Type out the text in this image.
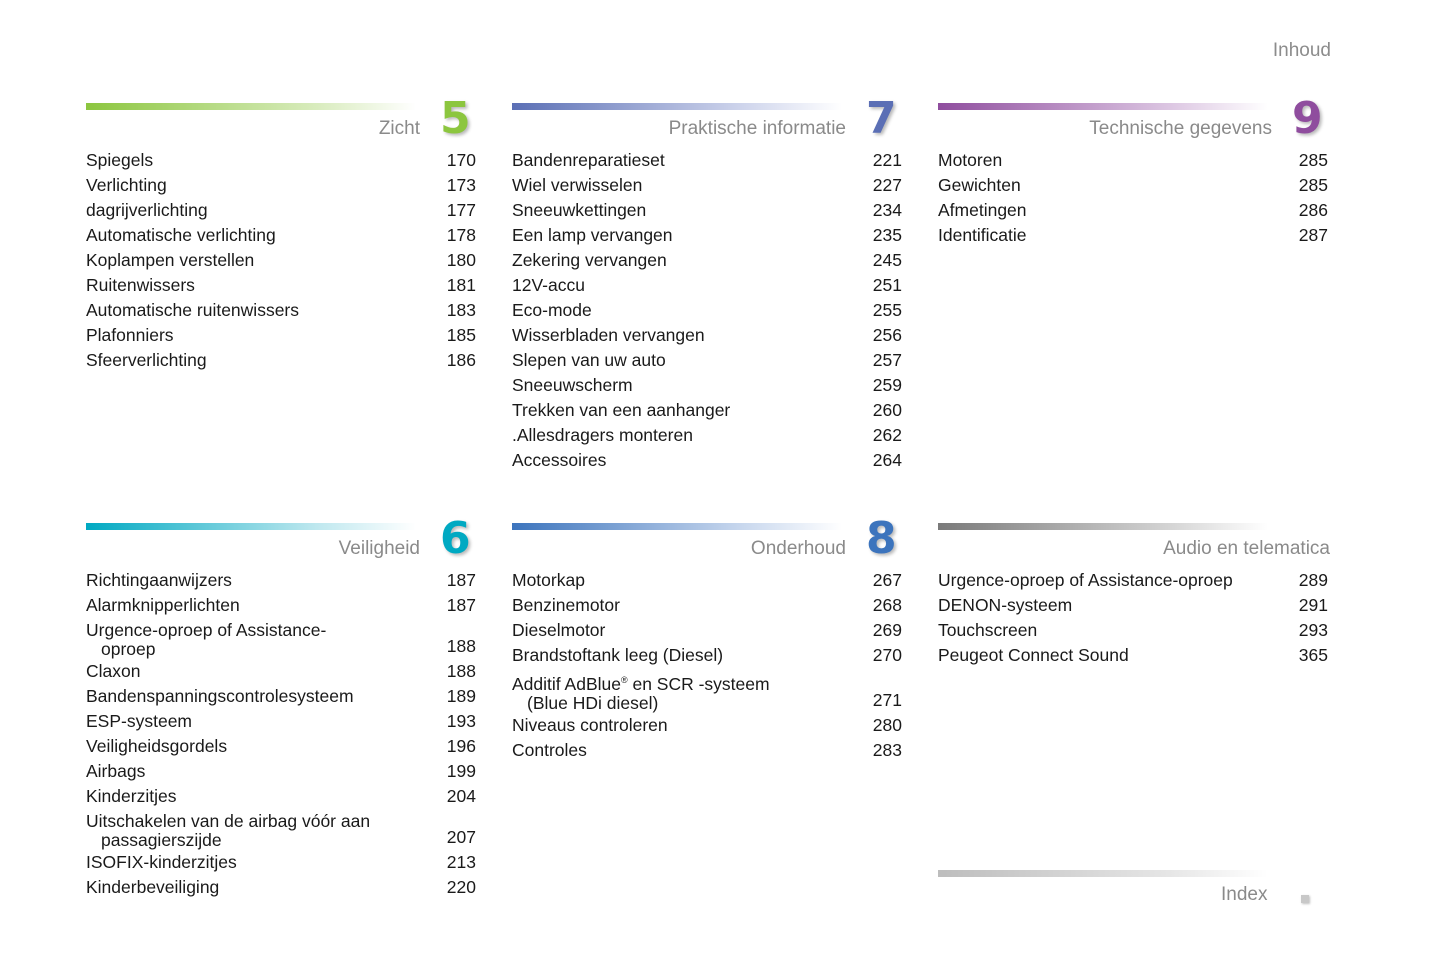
Inhoud
Zicht 5
Spiegels	170
Verlichting	173
dagrijverlichting	177
Automatische verlichting	178
Koplampen verstellen	180
Ruitenwissers	181
Automatische ruitenwissers	183
Plafonniers	185
Sfeerverlichting	186
Praktische informatie 7
Bandenreparatieset	221
Wiel verwisselen	227
Sneeuwkettingen	234
Een lamp vervangen	235
Zekering vervangen	245
12V-accu	251
Eco-mode	255
Wisserbladen vervangen	256
Slepen van uw auto	257
Sneeuwscherm	259
Trekken van een aanhanger	260
.Allesdragers monteren	262
Accessoires	264
Technische gegevens 9
Motoren	285
Gewichten	285
Afmetingen	286
Identificatie	287
Veiligheid 6
Richtingaanwijzers	187
Alarmknipperlichten	187
Urgence-oproep of Assistance-
oproep	188
Claxon	188
Bandenspanningscontrolesysteem	189
ESP-systeem	193
Veiligheidsgordels	196
Airbags	199
Kinderzitjes	204
Uitschakelen van de airbag vóór aan
passagierszijde	207
ISOFIX-kinderzitjes	213
Kinderbeveiliging	220
Onderhoud 8
Motorkap	267
Benzinemotor	268
Dieselmotor	269
Brandstoftank leeg (Diesel)	270
Additif AdBlue® en SCR -systeem
(Blue HDi diesel)	271
Niveaus controleren	280
Controles	283
Audio en telematica
Urgence-oproep of Assistance-oproep	289
DENON-systeem	291
Touchscreen	293
Peugeot Connect Sound	365
Index
